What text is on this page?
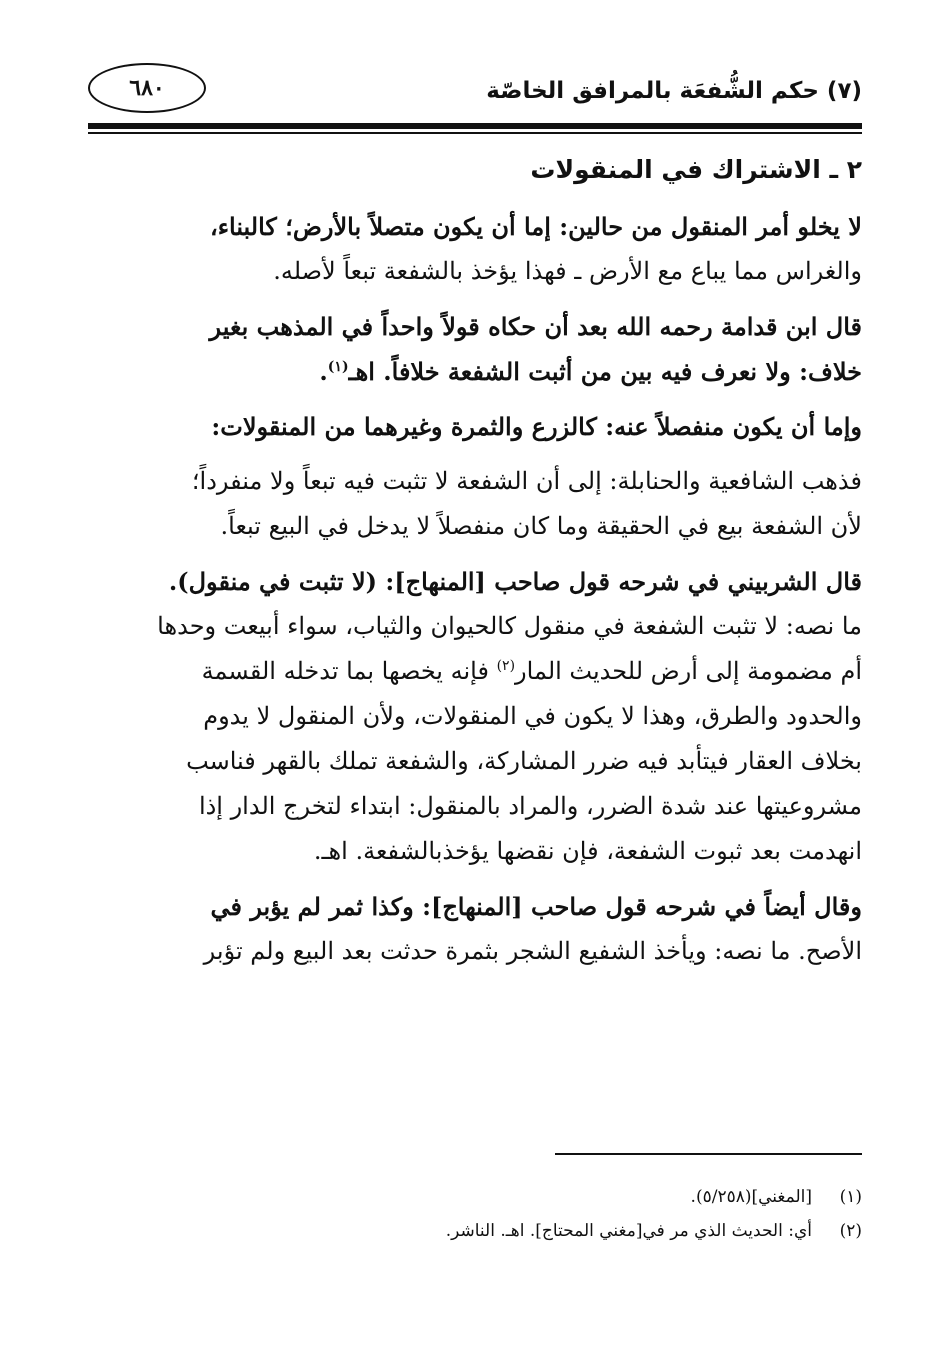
(٧) حكم الشُّفعَة بالمرافق الخاصّة
٦٨٠
٢ ـ الاشتراك في المنقولات
لا يخلو أمر المنقول من حالين: إما أن يكون متصلاً بالأرض؛ كالبناء،
والغراس مما يباع مع الأرض ـ فهذا يؤخذ بالشفعة تبعاً لأصله.
قال ابن قدامة رحمه الله بعد أن حكاه قولاً واحداً في المذهب بغير
خلاف: ولا نعرف فيه بين من أثبت الشفعة خلافاً. اهـ$^{(١)}$.
وإما أن يكون منفصلاً عنه: كالزرع والثمرة وغيرهما من المنقولات:
فذهب الشافعية والحنابلة: إلى أن الشفعة لا تثبت فيه تبعاً ولا منفرداً؛
لأن الشفعة بيع في الحقيقة وما كان منفصلاً لا يدخل في البيع تبعاً.
قال الشربيني في شرحه قول صاحب [المنهاج]: (لا تثبت في منقول).
ما نصه: لا تثبت الشفعة في منقول كالحيوان والثياب، سواء أبيعت وحدها
أم مضمومة إلى أرض للحديث المار$^{(٢)}$ فإنه يخصها بما تدخله القسمة
والحدود والطرق، وهذا لا يكون في المنقولات، ولأن المنقول لا يدوم
بخلاف العقار فيتأبد فيه ضرر المشاركة، والشفعة تملك بالقهر فناسب
مشروعيتها عند شدة الضرر، والمراد بالمنقول: ابتداء لتخرج الدار إذا
انهدمت بعد ثبوت الشفعة، فإن نقضها يؤخذبالشفعة. اهـ.
وقال أيضاً في شرحه قول صاحب [المنهاج]: وكذا ثمر لم يؤبر في
الأصح. ما نصه: ويأخذ الشفيع الشجر بثمرة حدثت بعد البيع ولم تؤبر
(١)
[المغني](٥/٢٥٨).
(٢)
أي: الحديث الذي مر في[مغني المحتاج]. اهـ. الناشر.
